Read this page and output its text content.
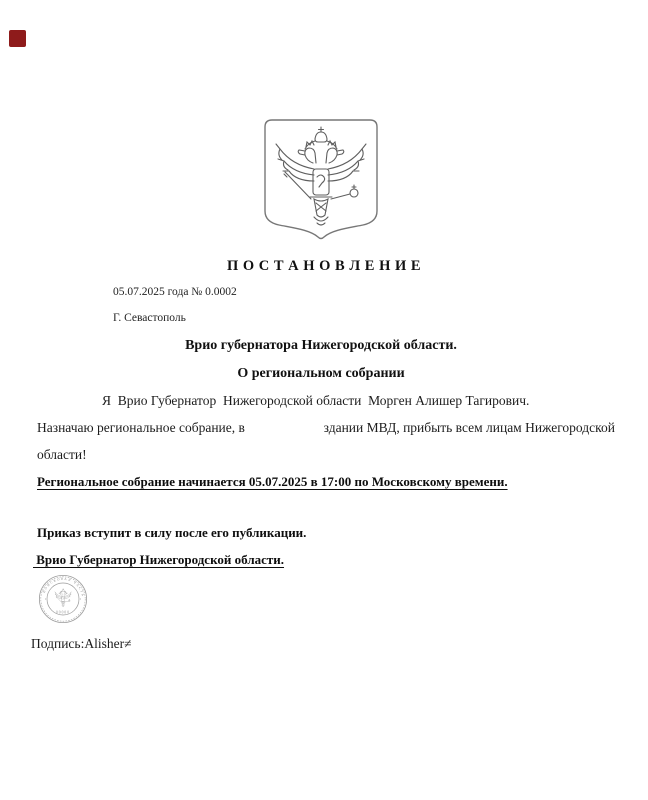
П О С Т А Н О В Л Е Н И Е
05.07.2025 года № 0.0002
Г. Севастополь
Врио губернатора Нижегородской области.
О региональном собрании
Я  Врио Губернатор  Нижегородской области  Морген Алишер Тагирович.
Назначаю региональное собрание, в	здании МВД, прибыть всем лицам Нижегородской
области!
Региональное собрание начинается 05.07.2025 в 17:00 по Московскому времени.
Приказ вступит в силу после его публикации.
Врио Губернатор Нижегородской области.
ВОЙСКОВАЯ ЧАСТЬ
00000
Подпись:Alisher≠
